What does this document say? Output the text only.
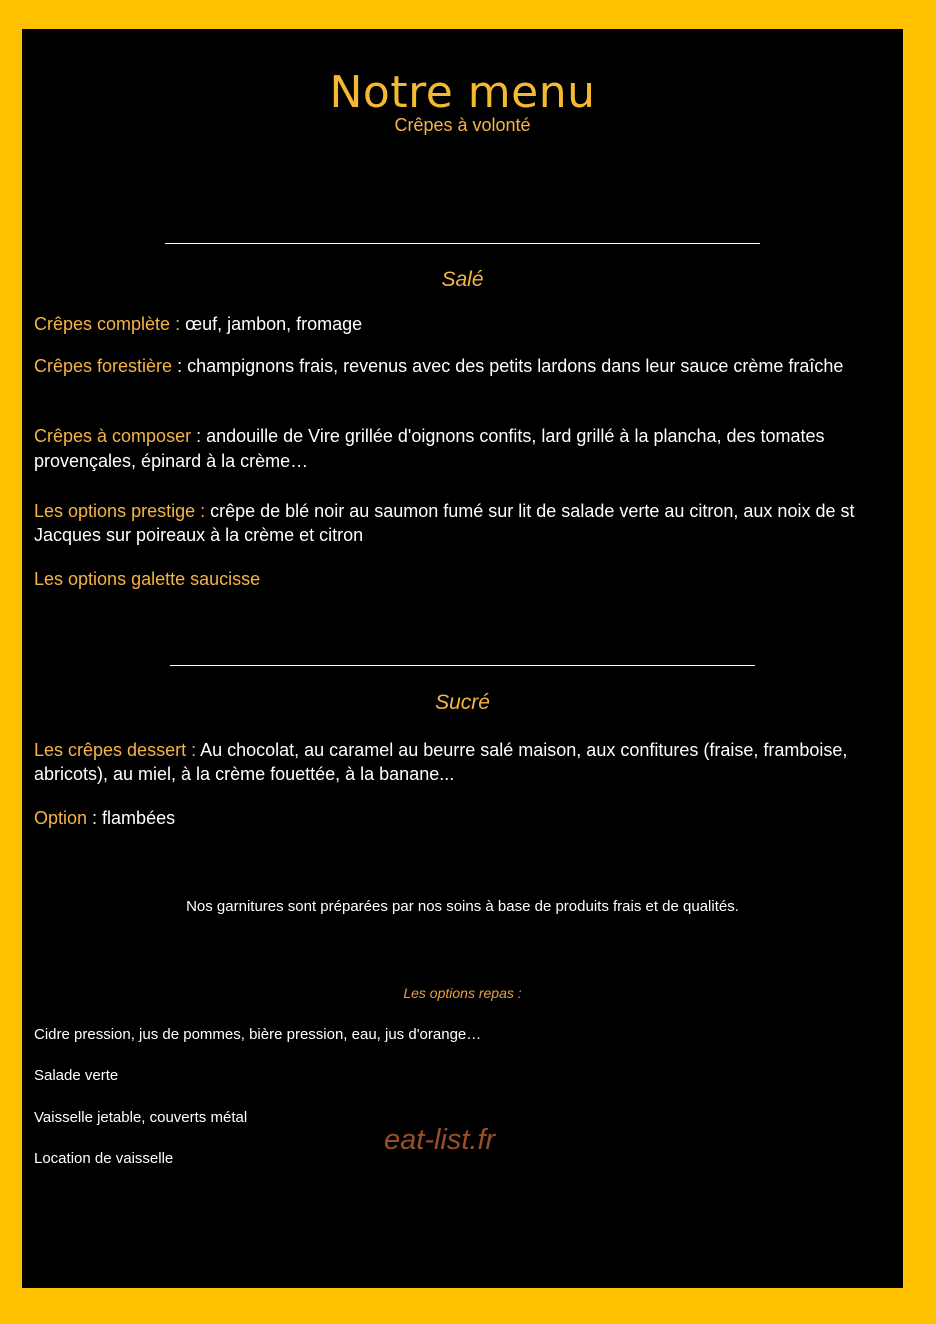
Notre menu
Crêpes à volonté
Salé
Crêpes complète : œuf, jambon, fromage
Crêpes forestière : champignons frais, revenus avec des petits lardons dans leur sauce crème fraîche
Crêpes à composer : andouille de Vire grillée d'oignons confits, lard grillé à la plancha, des tomates provençales, épinard à la crème…
Les options prestige : crêpe de blé noir au saumon fumé sur lit de salade verte au citron, aux noix de st Jacques sur poireaux à la crème et citron
Les options galette saucisse
Sucré
Les crêpes dessert : Au chocolat, au caramel au beurre salé maison, aux confitures (fraise, framboise, abricots), au miel, à la crème fouettée, à la banane...
Option : flambées
Nos garnitures sont préparées par nos soins à base de produits frais et de qualités.
Les options repas :
Cidre pression, jus de pommes, bière pression, eau, jus d'orange…
Salade verte
Vaisselle jetable, couverts métal
Location de vaisselle
eat-list.fr
